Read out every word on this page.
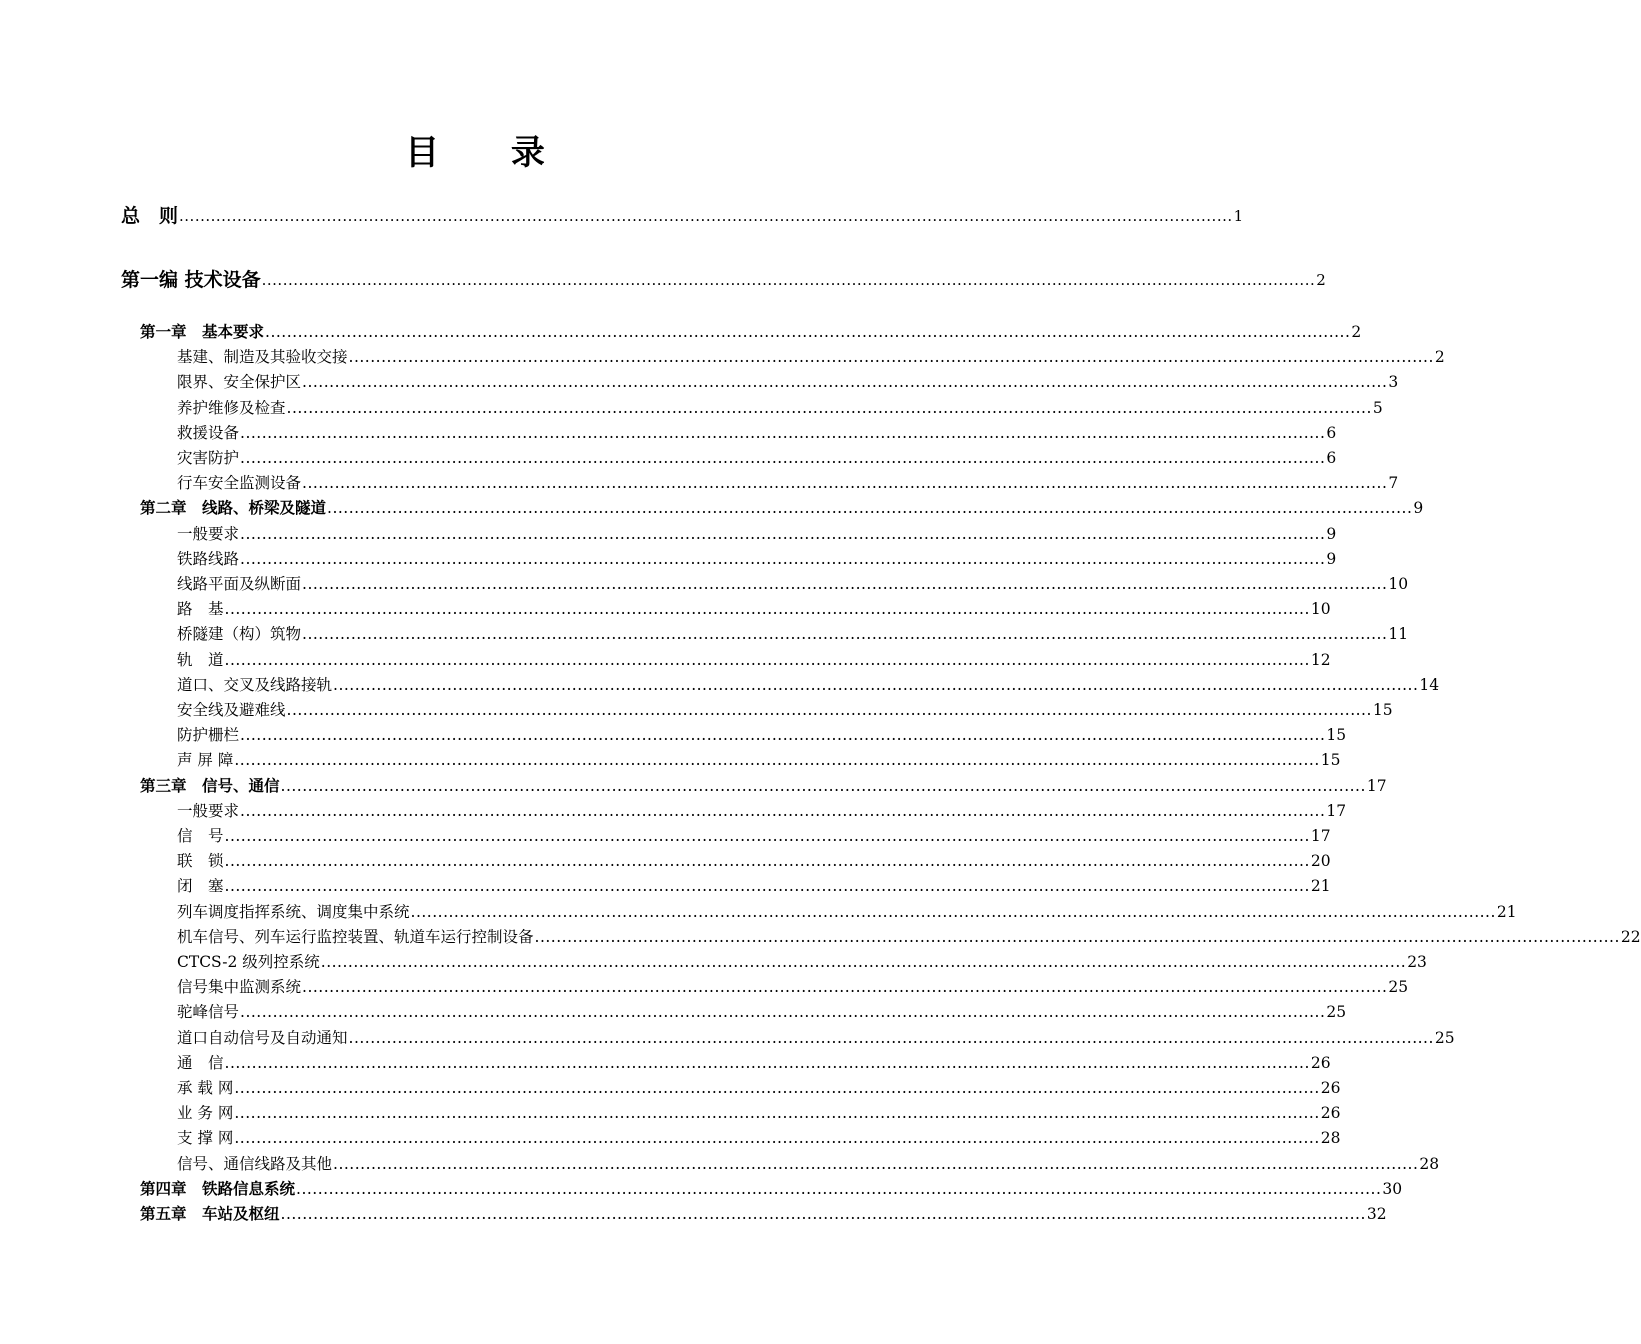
目 录
总　则 ........................................................................................................................................................................................................ 1
第一编 技术设备 ........................................................................................................................................................................................................ 2
第一章　基本要求 ........................................................................................................................................................................................................ 2
基建、制造及其验收交接 ........................................................................................................................................................................................................ 2
限界、安全保护区 ........................................................................................................................................................................................................ 3
养护维修及检查 ........................................................................................................................................................................................................ 5
救援设备 ........................................................................................................................................................................................................ 6
灾害防护 ........................................................................................................................................................................................................ 6
行车安全监测设备 ........................................................................................................................................................................................................ 7
第二章　线路、桥梁及隧道 ........................................................................................................................................................................................................ 9
一般要求 ........................................................................................................................................................................................................ 9
铁路线路 ........................................................................................................................................................................................................ 9
线路平面及纵断面 ........................................................................................................................................................................................................ 10
路　基 ........................................................................................................................................................................................................ 10
桥隧建（构）筑物 ........................................................................................................................................................................................................ 11
轨　道 ........................................................................................................................................................................................................ 12
道口、交叉及线路接轨 ........................................................................................................................................................................................................ 14
安全线及避难线 ........................................................................................................................................................................................................ 15
防护栅栏 ........................................................................................................................................................................................................ 15
声 屏 障 ........................................................................................................................................................................................................ 15
第三章　信号、通信 ........................................................................................................................................................................................................ 17
一般要求 ........................................................................................................................................................................................................ 17
信　号 ........................................................................................................................................................................................................ 17
联　锁 ........................................................................................................................................................................................................ 20
闭　塞 ........................................................................................................................................................................................................ 21
列车调度指挥系统、调度集中系统 ........................................................................................................................................................................................................ 21
机车信号、列车运行监控装置、轨道车运行控制设备 ........................................................................................................................................................................................................ 22
CTCS-2 级列控系统 ........................................................................................................................................................................................................ 23
信号集中监测系统 ........................................................................................................................................................................................................ 25
驼峰信号 ........................................................................................................................................................................................................ 25
道口自动信号及自动通知 ........................................................................................................................................................................................................ 25
通　信 ........................................................................................................................................................................................................ 26
承 载 网 ........................................................................................................................................................................................................ 26
业 务 网 ........................................................................................................................................................................................................ 26
支 撑 网 ........................................................................................................................................................................................................ 28
信号、通信线路及其他 ........................................................................................................................................................................................................ 28
第四章　铁路信息系统 ........................................................................................................................................................................................................ 30
第五章　车站及枢纽 ........................................................................................................................................................................................................ 32
